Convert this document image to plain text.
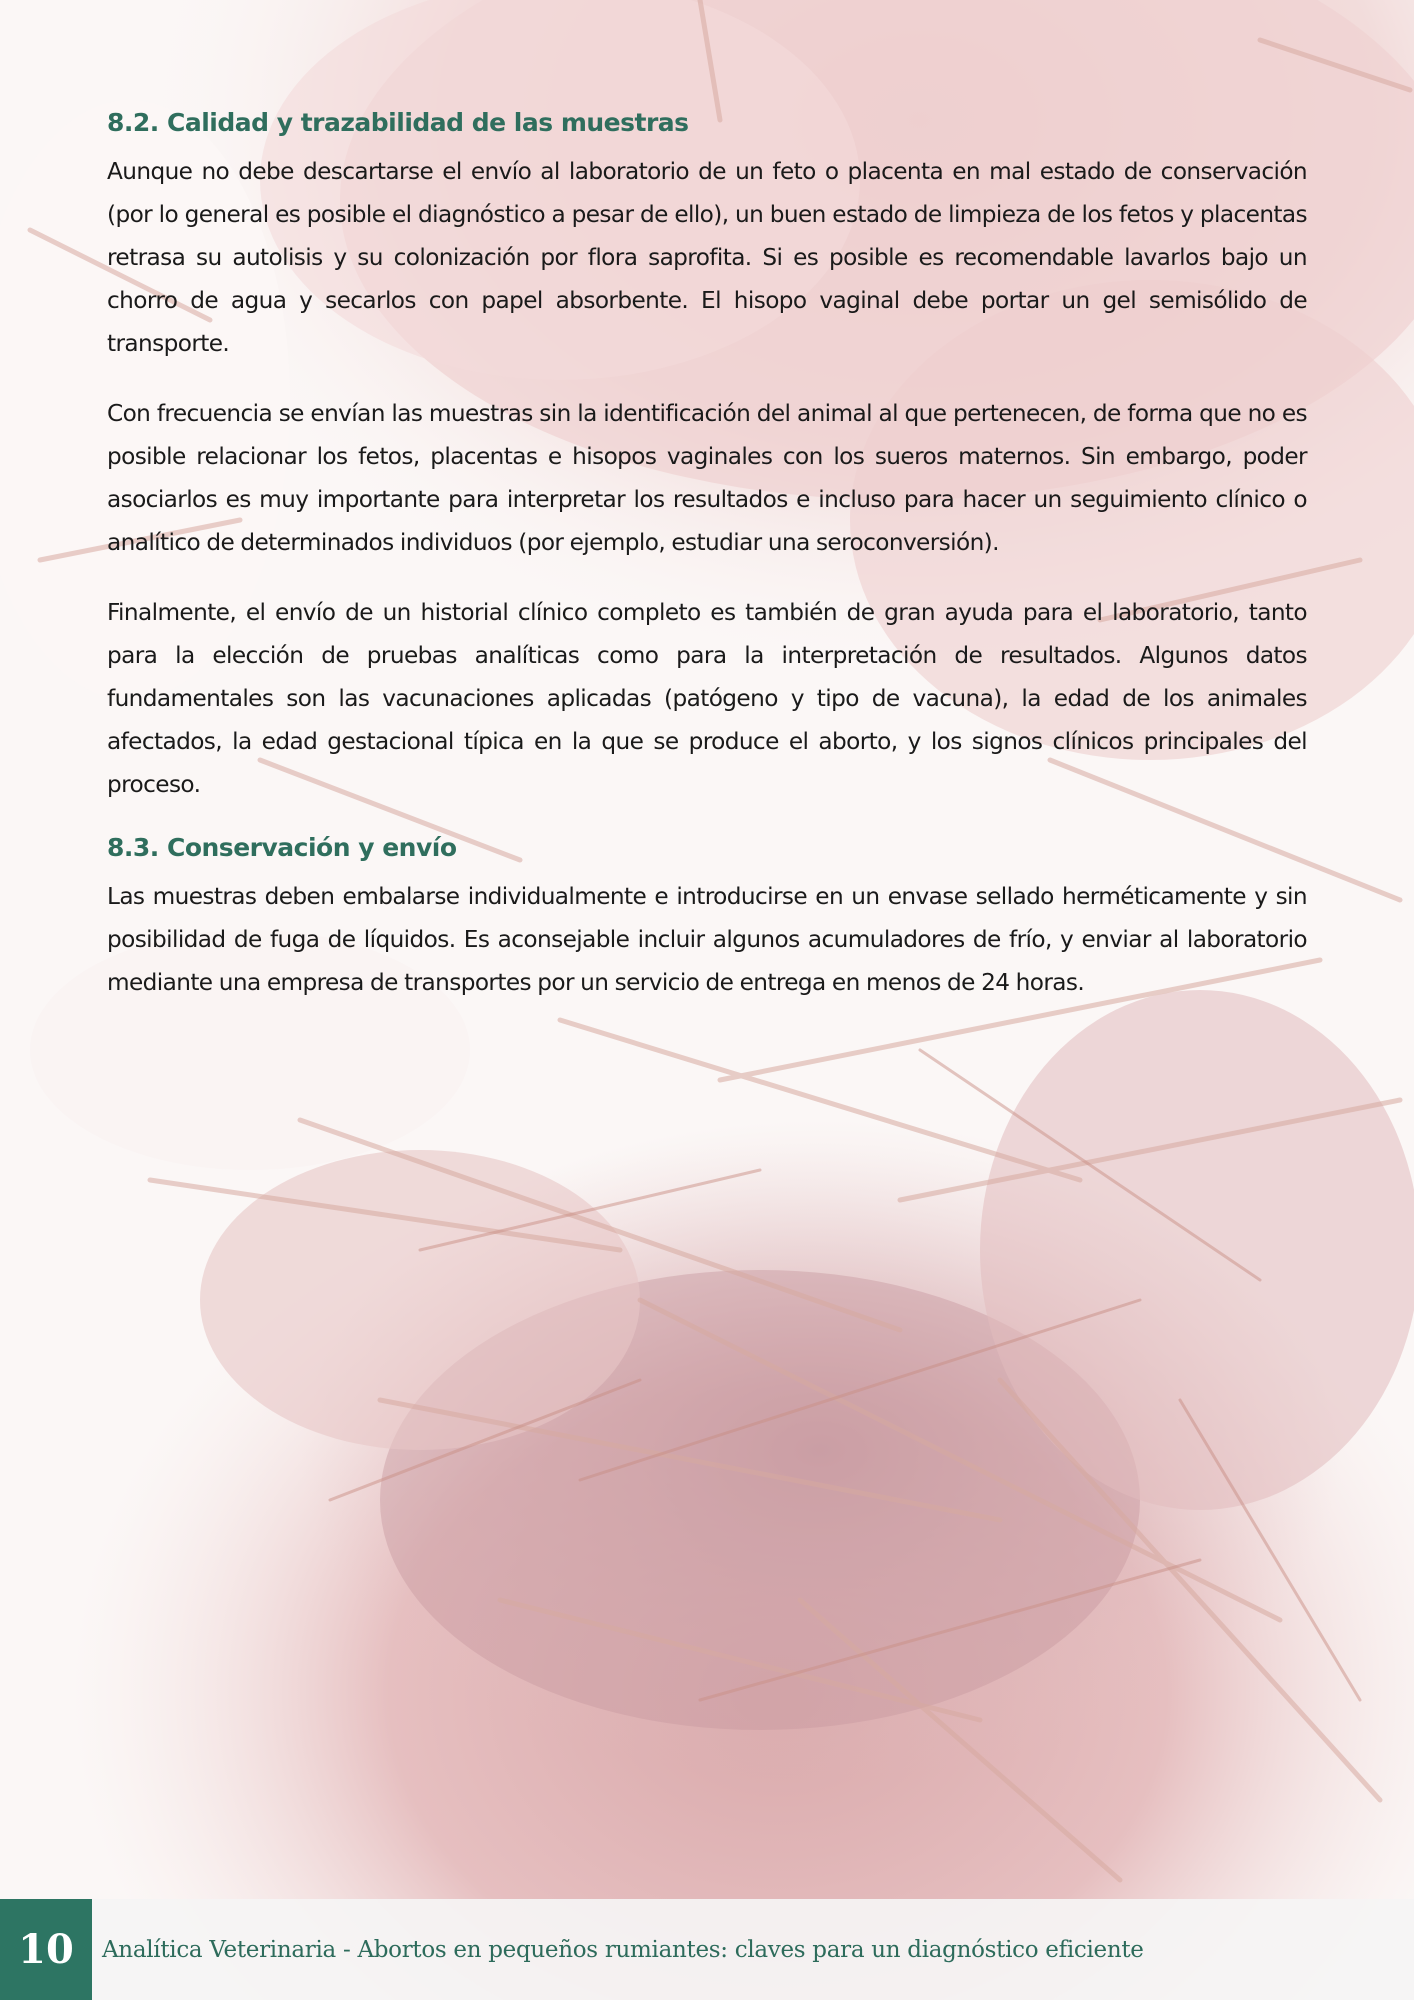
8.2. Calidad y trazabilidad de las muestras

Aunque no debe descartarse el envío al laboratorio de un feto o placenta en mal estado de conservación (por lo general es posible el diagnóstico a pesar de ello), un buen estado de limpieza de los fetos y placentas retrasa su autolisis y su colonización por flora saprofita. Si es posible es recomendable lavarlos bajo un chorro de agua y secarlos con papel absorbente. El hisopo vaginal debe portar un gel semisólido de transporte.

Con frecuencia se envían las muestras sin la identificación del animal al que pertenecen, de forma que no es posible relacionar los fetos, placentas e hisopos vaginales con los sueros maternos. Sin embargo, poder asociarlos es muy importante para interpretar los resultados e incluso para hacer un seguimiento clínico o analítico de determinados individuos (por ejemplo, estudiar una seroconversión).

Finalmente, el envío de un historial clínico completo es también de gran ayuda para el laboratorio, tanto para la elección de pruebas analíticas como para la interpretación de resultados. Algunos datos fundamentales son las vacunaciones aplicadas (patógeno y tipo de vacuna), la edad de los animales afectados, la edad gestacional típica en la que se produce el aborto, y los signos clínicos principales del proceso.

8.3. Conservación y envío

Las muestras deben embalarse individualmente e introducirse en un envase sellado herméticamente y sin posibilidad de fuga de líquidos. Es aconsejable incluir algunos acumuladores de frío, y enviar al laboratorio mediante una empresa de transportes por un servicio de entrega en menos de 24 horas.

10	Analítica Veterinaria - Abortos en pequeños rumiantes: claves para un diagnóstico eficiente
